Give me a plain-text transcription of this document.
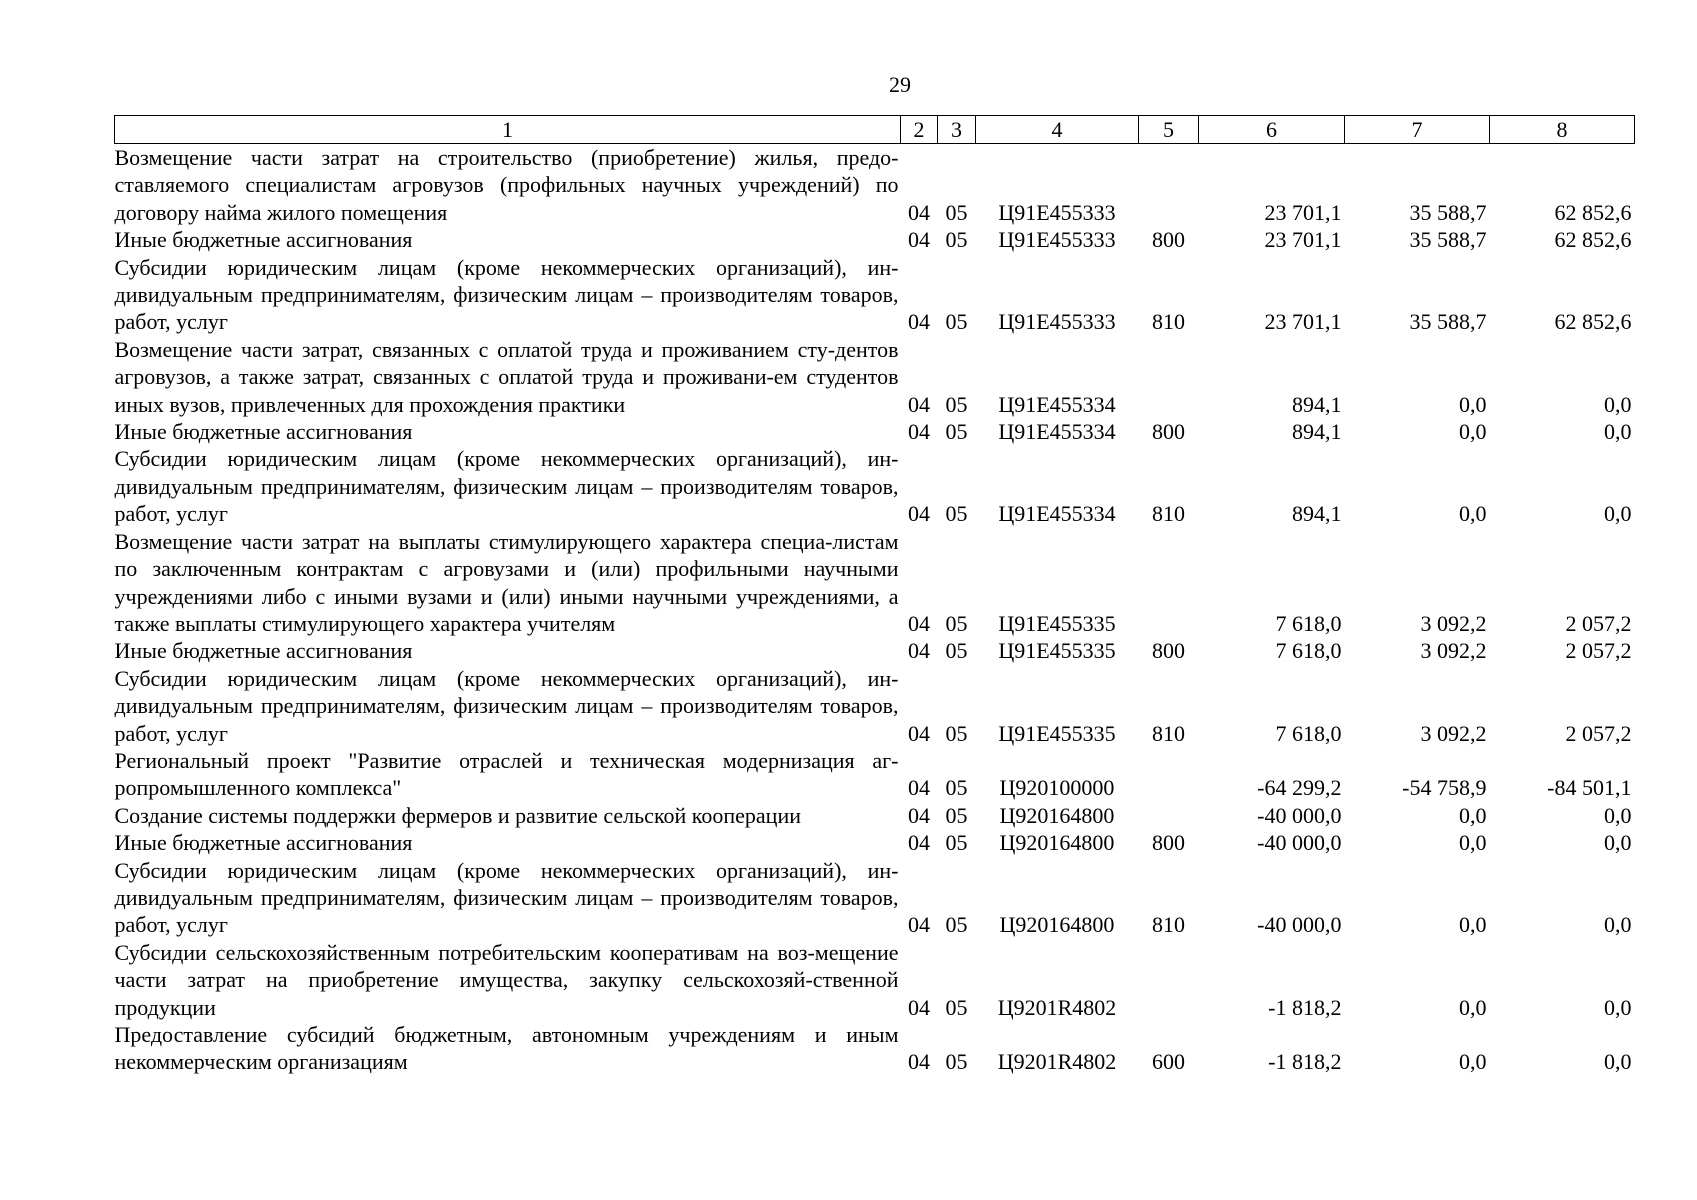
29
1	2	3	4	5	6	7	8
Возмещение части затрат на строительство (приобретение) жилья, предо-ставляемого специалистам агровузов (профильных научных учреждений) по договору найма жилого помещения	04	05	Ц91Е455333		23 701,1	35 588,7	62 852,6
Иные бюджетные ассигнования	04	05	Ц91Е455333	800	23 701,1	35 588,7	62 852,6
Субсидии юридическим лицам (кроме некоммерческих организаций), ин-дивидуальным предпринимателям, физическим лицам – производителям товаров, работ, услуг	04	05	Ц91Е455333	810	23 701,1	35 588,7	62 852,6
Возмещение части затрат, связанных с оплатой труда и проживанием сту-дентов агровузов, а также затрат, связанных с оплатой труда и проживани-ем студентов иных вузов, привлеченных для прохождения практики	04	05	Ц91Е455334		894,1	0,0	0,0
Иные бюджетные ассигнования	04	05	Ц91Е455334	800	894,1	0,0	0,0
Субсидии юридическим лицам (кроме некоммерческих организаций), ин-дивидуальным предпринимателям, физическим лицам – производителям товаров, работ, услуг	04	05	Ц91Е455334	810	894,1	0,0	0,0
Возмещение части затрат на выплаты стимулирующего характера специа-листам по заключенным контрактам с агровузами и (или) профильными научными учреждениями либо с иными вузами и (или) иными научными учреждениями, а также выплаты стимулирующего характера учителям	04	05	Ц91Е455335		7 618,0	3 092,2	2 057,2
Иные бюджетные ассигнования	04	05	Ц91Е455335	800	7 618,0	3 092,2	2 057,2
Субсидии юридическим лицам (кроме некоммерческих организаций), ин-дивидуальным предпринимателям, физическим лицам – производителям товаров, работ, услуг	04	05	Ц91Е455335	810	7 618,0	3 092,2	2 057,2
Региональный проект "Развитие отраслей и техническая модернизация аг-ропромышленного комплекса"	04	05	Ц920100000		-64 299,2	-54 758,9	-84 501,1
Создание системы поддержки фермеров и развитие сельской кооперации	04	05	Ц920164800		-40 000,0	0,0	0,0
Иные бюджетные ассигнования	04	05	Ц920164800	800	-40 000,0	0,0	0,0
Субсидии юридическим лицам (кроме некоммерческих организаций), ин-дивидуальным предпринимателям, физическим лицам – производителям товаров, работ, услуг	04	05	Ц920164800	810	-40 000,0	0,0	0,0
Субсидии сельскохозяйственным потребительским кооперативам на воз-мещение части затрат на приобретение имущества, закупку сельскохозяй-ственной продукции	04	05	Ц9201R4802		-1 818,2	0,0	0,0
Предоставление субсидий бюджетным, автономным учреждениям и иным некоммерческим организациям	04	05	Ц9201R4802	600	-1 818,2	0,0	0,0
